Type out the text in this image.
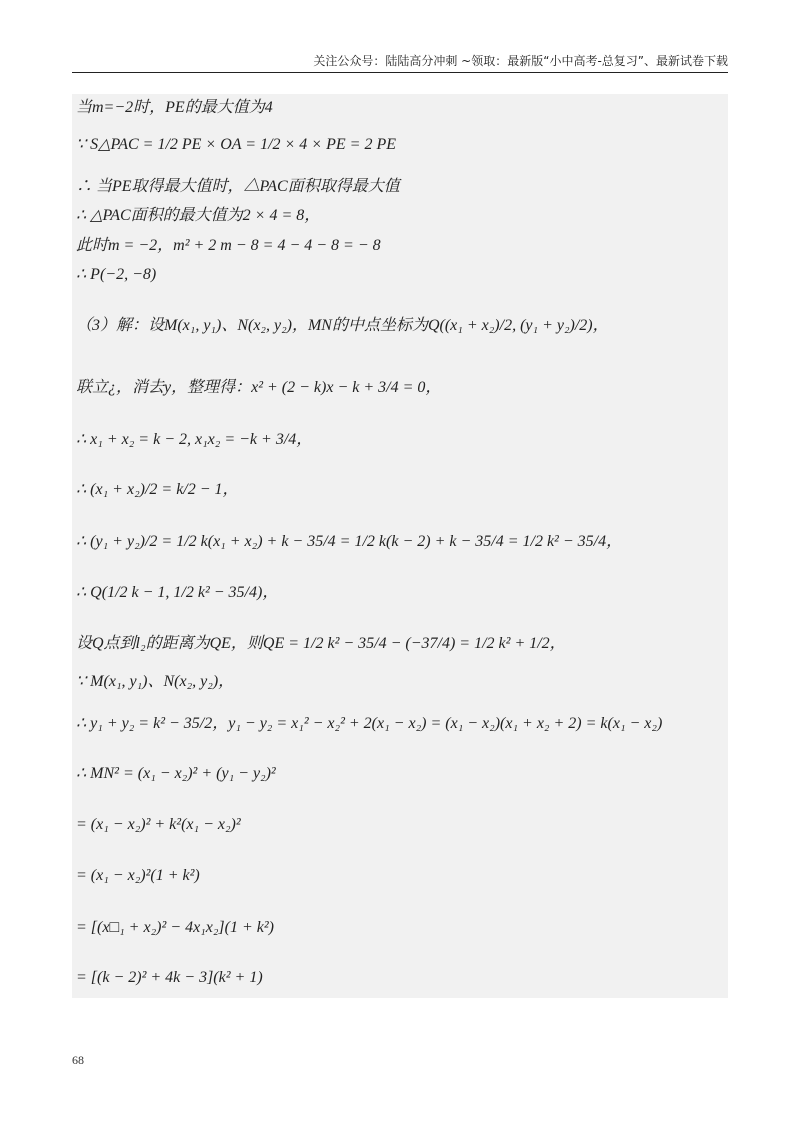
关注公众号：陆陆高分冲刺 ~领取：最新版“小中高考-总复习”、最新试卷下载
当m=−2时，PE的最大值为4
∵ S△PAC = 1/2 PE × OA = 1/2 × 4 × PE = 2 PE
∴ 当PE取得最大值时，△PAC面积取得最大值
∴ △PAC面积的最大值为2 × 4 = 8，
此时m = −2，m² + 2 m − 8 = 4 − 4 − 8 = − 8
∴ P(−2, −8)
（3）解：设M(x₁, y₁)、N(x₂, y₂)，MN的中点坐标为Q((x₁ + x₂)/2, (y₁ + y₂)/2)，
联立¿，消去y，整理得：x² + (2 − k)x − k + 3/4 = 0，
∴ x₁ + x₂ = k − 2, x₁x₂ = −k + 3/4，
∴ (x₁ + x₂)/2 = k/2 − 1，
∴ (y₁ + y₂)/2 = 1/2 k(x₁ + x₂) + k − 35/4 = 1/2 k(k − 2) + k − 35/4 = 1/2 k² − 35/4，
∴ Q(1/2 k − 1, 1/2 k² − 35/4)，
设Q点到l₂的距离为QE，则QE = 1/2 k² − 35/4 − (−37/4) = 1/2 k² + 1/2，
∵ M(x₁, y₁)、N(x₂, y₂)，
∴ y₁ + y₂ = k² − 35/2，y₁ − y₂ = x₁² − x₂² + 2(x₁ − x₂) = (x₁ − x₂)(x₁ + x₂ + 2) = k(x₁ − x₂)
∴ MN² = (x₁ − x₂)² + (y₁ − y₂)²
= (x₁ − x₂)² + k²(x₁ − x₂)²
= (x₁ − x₂)²(1 + k²)
= [(x□₁ + x₂)² − 4x₁x₂](1 + k²)
= [(k − 2)² + 4k − 3](k² + 1)
68
